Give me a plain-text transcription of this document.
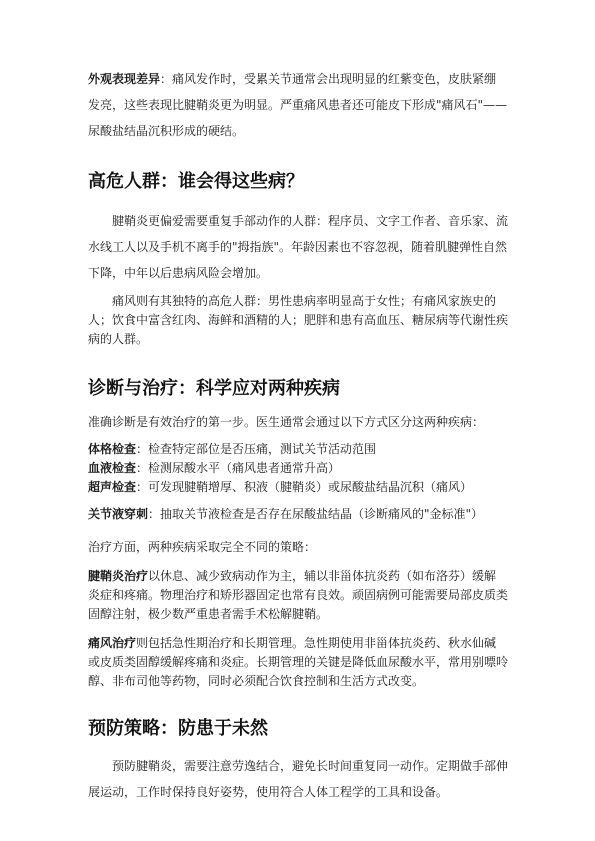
外观表现差异：痛风发作时，受累关节通常会出现明显的红紫变色，皮肤紧绷发亮，这些表现比腱鞘炎更为明显。严重痛风患者还可能皮下形成"痛风石"——尿酸盐结晶沉积形成的硬结。

高危人群：谁会得这些病？

腱鞘炎更偏爱需要重复手部动作的人群：程序员、文字工作者、音乐家、流水线工人以及手机不离手的"拇指族"。年龄因素也不容忽视，随着肌腱弹性自然下降，中年以后患病风险会增加。

痛风则有其独特的高危人群：男性患病率明显高于女性；有痛风家族史的人；饮食中富含红肉、海鲜和酒精的人；肥胖和患有高血压、糖尿病等代谢性疾病的人群。

诊断与治疗：科学应对两种疾病

准确诊断是有效治疗的第一步。医生通常会通过以下方式区分这两种疾病：

体格检查：检查特定部位是否压痛，测试关节活动范围

血液检查：检测尿酸水平（痛风患者通常升高）

超声检查：可发现腱鞘增厚、积液（腱鞘炎）或尿酸盐结晶沉积（痛风）

关节液穿刺：抽取关节液检查是否存在尿酸盐结晶（诊断痛风的"金标准"）

治疗方面，两种疾病采取完全不同的策略：

腱鞘炎治疗以休息、减少致病动作为主，辅以非甾体抗炎药（如布洛芬）缓解炎症和疼痛。物理治疗和矫形器固定也常有良效。顽固病例可能需要局部皮质类固醇注射，极少数严重患者需手术松解腱鞘。

痛风治疗则包括急性期治疗和长期管理。急性期使用非甾体抗炎药、秋水仙碱或皮质类固醇缓解疼痛和炎症。长期管理的关键是降低血尿酸水平，常用别嘌呤醇、非布司他等药物，同时必须配合饮食控制和生活方式改变。

预防策略：防患于未然

预防腱鞘炎，需要注意劳逸结合，避免长时间重复同一动作。定期做手部伸展运动，工作时保持良好姿势，使用符合人体工程学的工具和设备。
